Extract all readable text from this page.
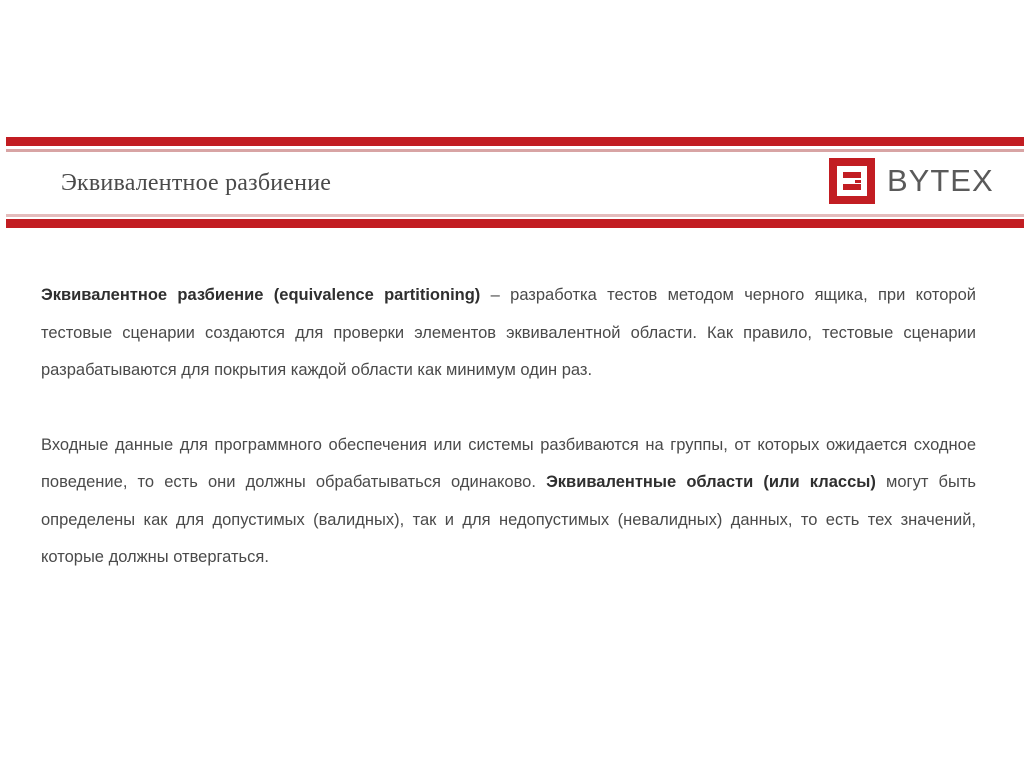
Эквивалентное разбиение	BYTEX

Эквивалентное разбиение (equivalence partitioning) – разработка тестов методом черного ящика, при которой тестовые сценарии создаются для проверки элементов эквивалентной области. Как правило, тестовые сценарии разрабатываются для покрытия каждой области как минимум один раз.

Входные данные для программного обеспечения или системы разбиваются на группы, от которых ожидается сходное поведение, то есть они должны обрабатываться одинаково. Эквивалентные области (или классы) могут быть определены как для допустимых (валидных), так и для недопустимых (невалидных) данных, то есть тех значений, которые должны отвергаться.
